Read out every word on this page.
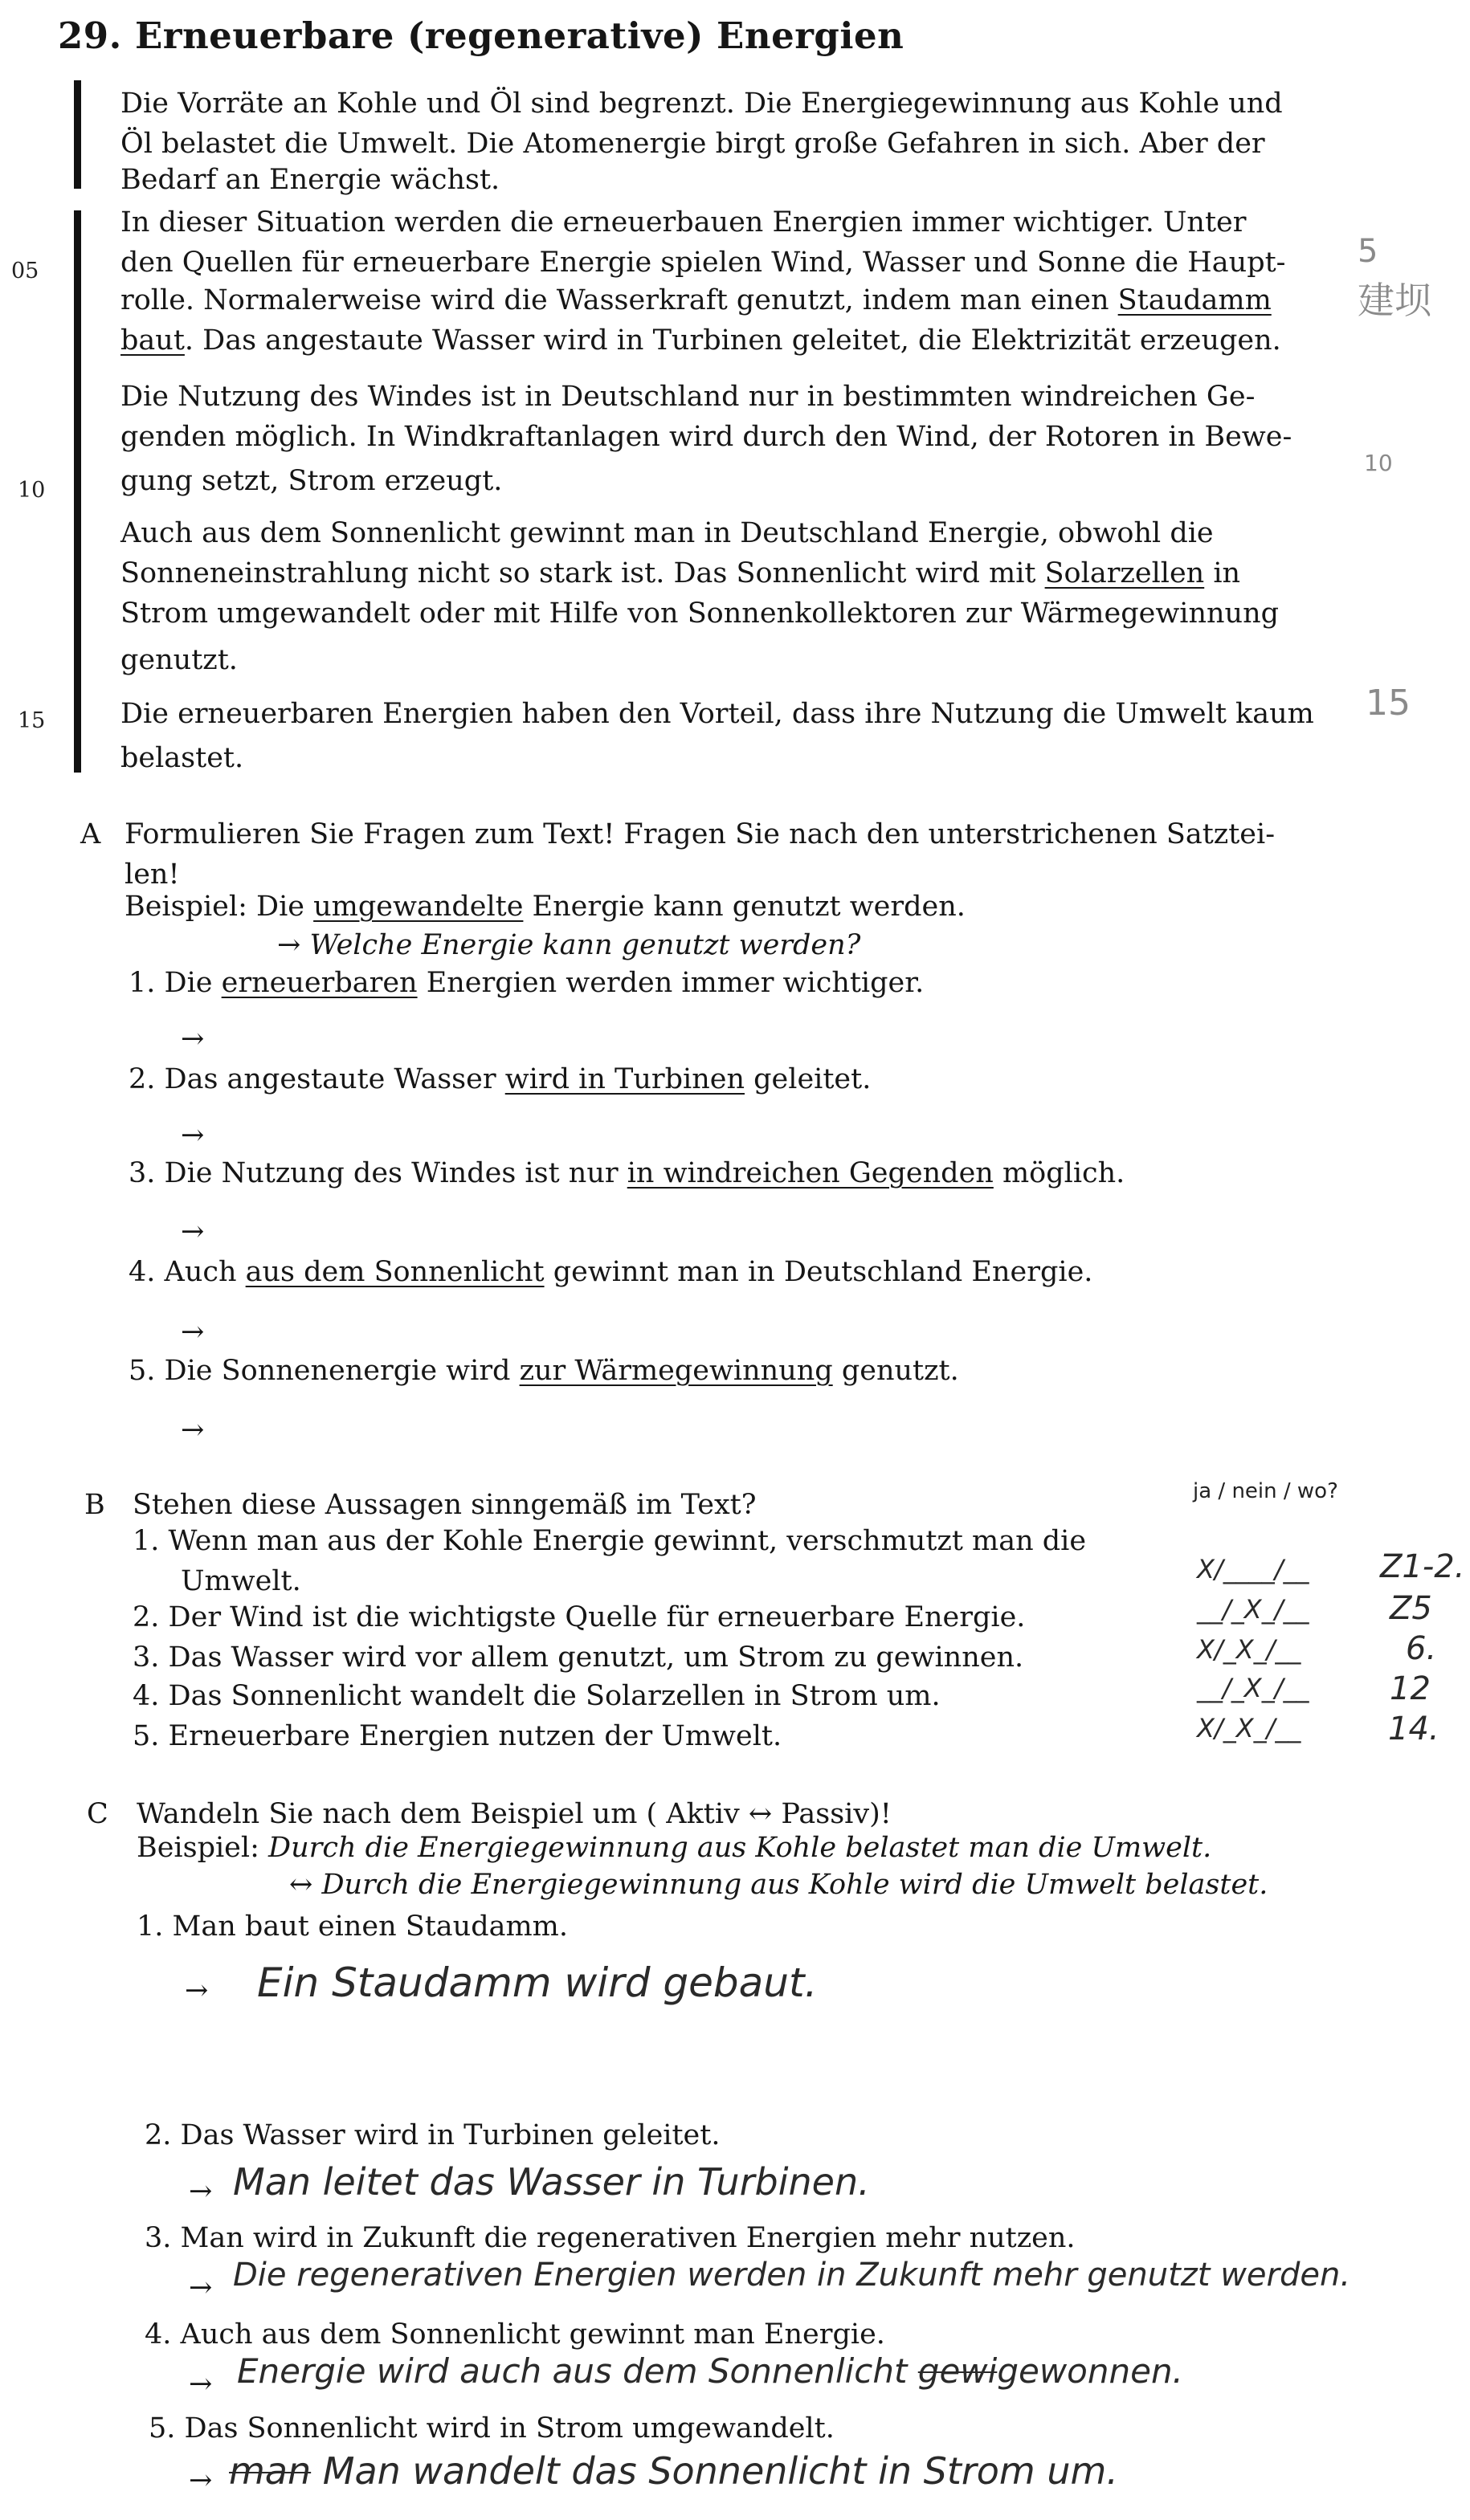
29. Erneuerbare (regenerative) Energien
05
10
15
Die Vorräte an Kohle und Öl sind begrenzt. Die Energiegewinnung aus Kohle und
Öl belastet die Umwelt. Die Atomenergie birgt große Gefahren in sich. Aber der
Bedarf an Energie wächst.
In dieser Situation werden die erneuerbauen Energien immer wichtiger. Unter
den Quellen für erneuerbare Energie spielen Wind, Wasser und Sonne die Haupt-
rolle. Normalerweise wird die Wasserkraft genutzt, indem man einen Staudamm
baut. Das angestaute Wasser wird in Turbinen geleitet, die Elektrizität erzeugen.
Die Nutzung des Windes ist in Deutschland nur in bestimmten windreichen Ge-
genden möglich. In Windkraftanlagen wird durch den Wind, der Rotoren in Bewe-
gung setzt, Strom erzeugt.
Auch aus dem Sonnenlicht gewinnt man in Deutschland Energie, obwohl die
Sonneneinstrahlung nicht so stark ist. Das Sonnenlicht wird mit Solarzellen in
Strom umgewandelt oder mit Hilfe von Sonnenkollektoren zur Wärmegewinnung
genutzt.
Die erneuerbaren Energien haben den Vorteil, dass ihre Nutzung die Umwelt kaum
belastet.
5
建坝
10
15
A Formulieren Sie Fragen zum Text! Fragen Sie nach den unterstrichenen Satztei-
len!
Beispiel: Die umgewandelte Energie kann genutzt werden.
→ Welche Energie kann genutzt werden?
1. Die erneuerbaren Energien werden immer wichtiger.
→
2. Das angestaute Wasser wird in Turbinen geleitet.
→
3. Die Nutzung des Windes ist nur in windreichen Gegenden möglich.
→
4. Auch aus dem Sonnenlicht gewinnt man in Deutschland Energie.
→
5. Die Sonnenenergie wird zur Wärmegewinnung genutzt.
→
B Stehen diese Aussagen sinngemäß im Text?	ja / nein / wo?
1. Wenn man aus der Kohle Energie gewinnt, verschmutzt man die
Umwelt.
2. Der Wind ist die wichtigste Quelle für erneuerbare Energie.
3. Das Wasser wird vor allem genutzt, um Strom zu gewinnen.
4. Das Sonnenlicht wandelt die Solarzellen in Strom um.
5. Erneuerbare Energien nutzen der Umwelt.
X/____/__
__/_X_/__
X/_X_/__
__/_X_/__
X/_X_/__
Z1-2.
Z5
6.
12
14.
C Wandeln Sie nach dem Beispiel um ( Aktiv ↔ Passiv)!
Beispiel: Durch die Energiegewinnung aus Kohle belastet man die Umwelt.
↔ Durch die Energiegewinnung aus Kohle wird die Umwelt belastet.
1. Man baut einen Staudamm.
→ Ein Staudamm wird gebaut.
2. Das Wasser wird in Turbinen geleitet.
→ Man leitet das Wasser in Turbinen.
3. Man wird in Zukunft die regenerativen Energien mehr nutzen.
→ Die regenerativen Energien werden in Zukunft mehr genutzt werden.
4. Auch aus dem Sonnenlicht gewinnt man Energie.
→ Energie wird auch aus dem Sonnenlicht gewigewonnen.
5. Das Sonnenlicht wird in Strom umgewandelt.
→ man Man wandelt das Sonnenlicht in Strom um.
